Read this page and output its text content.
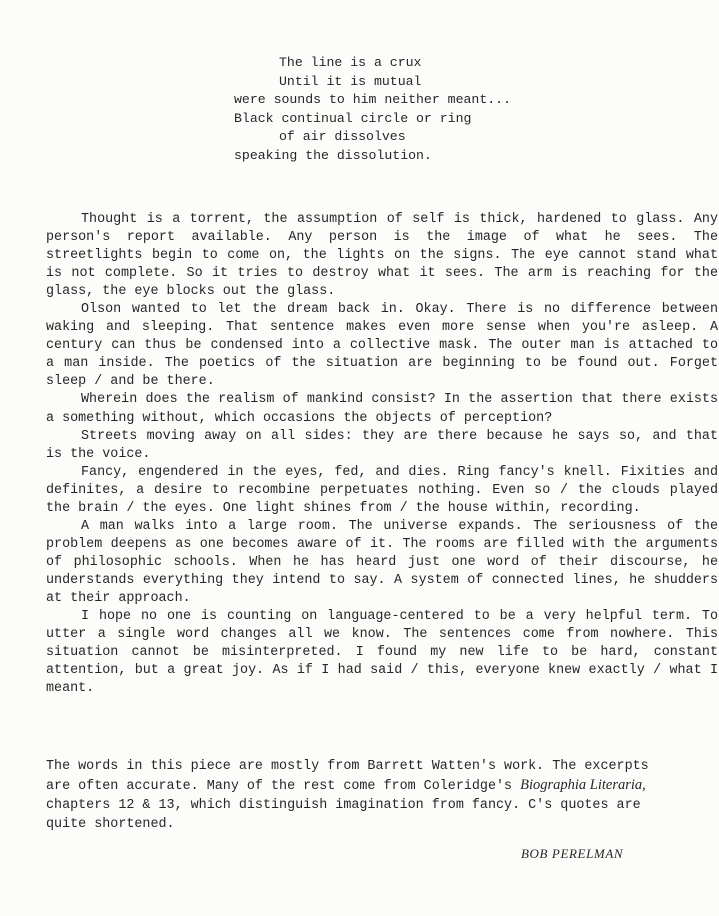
The line is a crux
Until it is mutual
were sounds to him neither meant...
Black continual circle or ring
of air dissolves
speaking the dissolution.

Thought is a torrent, the assumption of self is thick, hardened to glass. Any person's report available. Any person is the image of what he sees. The streetlights begin to come on, the lights on the signs. The eye cannot stand what is not complete. So it tries to destroy what it sees. The arm is reaching for the glass, the eye blocks out the glass.

Olson wanted to let the dream back in. Okay. There is no difference between waking and sleeping. That sentence makes even more sense when you're asleep. A century can thus be condensed into a collective mask. The outer man is attached to a man inside. The poetics of the situation are beginning to be found out. Forget sleep / and be there.

Wherein does the realism of mankind consist? In the assertion that there exists a something without, which occasions the objects of perception?

Streets moving away on all sides: they are there because he says so, and that is the voice.

Fancy, engendered in the eyes, fed, and dies. Ring fancy's knell. Fixities and definites, a desire to recombine perpetuates nothing. Even so / the clouds played the brain / the eyes. One light shines from / the house within, recording.

A man walks into a large room. The universe expands. The seriousness of the problem deepens as one becomes aware of it. The rooms are filled with the arguments of philosophic schools. When he has heard just one word of their discourse, he understands everything they intend to say. A system of connected lines, he shudders at their approach.

I hope no one is counting on language-centered to be a very helpful term. To utter a single word changes all we know. The sentences come from nowhere. This situation cannot be misinterpreted. I found my new life to be hard, constant attention, but a great joy. As if I had said / this, everyone knew exactly / what I meant.

The words in this piece are mostly from Barrett Watten's work. The excerpts are often accurate. Many of the rest come from Coleridge's Biographia Literaria, chapters 12 & 13, which distinguish imagination from fancy. C's quotes are quite shortened.

BOB PERELMAN
